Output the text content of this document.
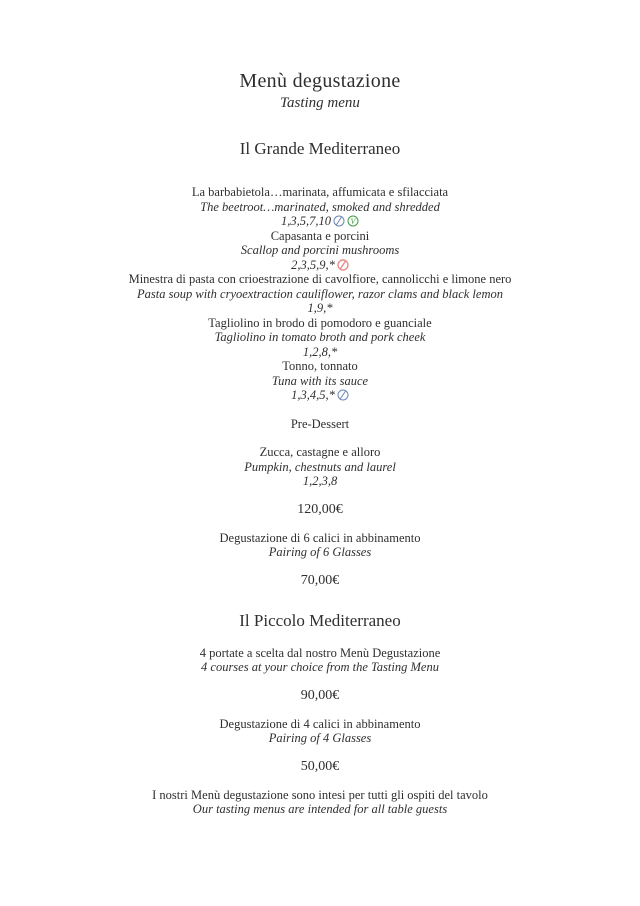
Menù degustazione
Tasting menu
Il Grande Mediterraneo
La barbabietola…marinata, affumicata e sfilacciata
The beetroot…marinated, smoked and shredded
1,3,5,7,10 V
Capasanta e porcini
Scallop and porcini mushrooms
2,3,5,9,*
Minestra di pasta con crioestrazione di cavolfiore, cannolicchi e limone nero
Pasta soup with cryoextraction cauliflower, razor clams and black lemon
1,9,*
Tagliolino in brodo di pomodoro e guanciale
Tagliolino in tomato broth and pork cheek
1,2,8,*
Tonno, tonnato
Tuna with its sauce
1,3,4,5,*
Pre-Dessert
Zucca, castagne e alloro
Pumpkin, chestnuts and laurel
1,2,3,8
120,00€
Degustazione di 6 calici in abbinamento
Pairing of 6 Glasses
70,00€
Il Piccolo Mediterraneo
4 portate a scelta dal nostro Menù Degustazione
4 courses at your choice from the Tasting Menu
90,00€
Degustazione di 4 calici in abbinamento
Pairing of 4 Glasses
50,00€
I nostri Menù degustazione sono intesi per tutti gli ospiti del tavolo
Our tasting menus are intended for all table guests
